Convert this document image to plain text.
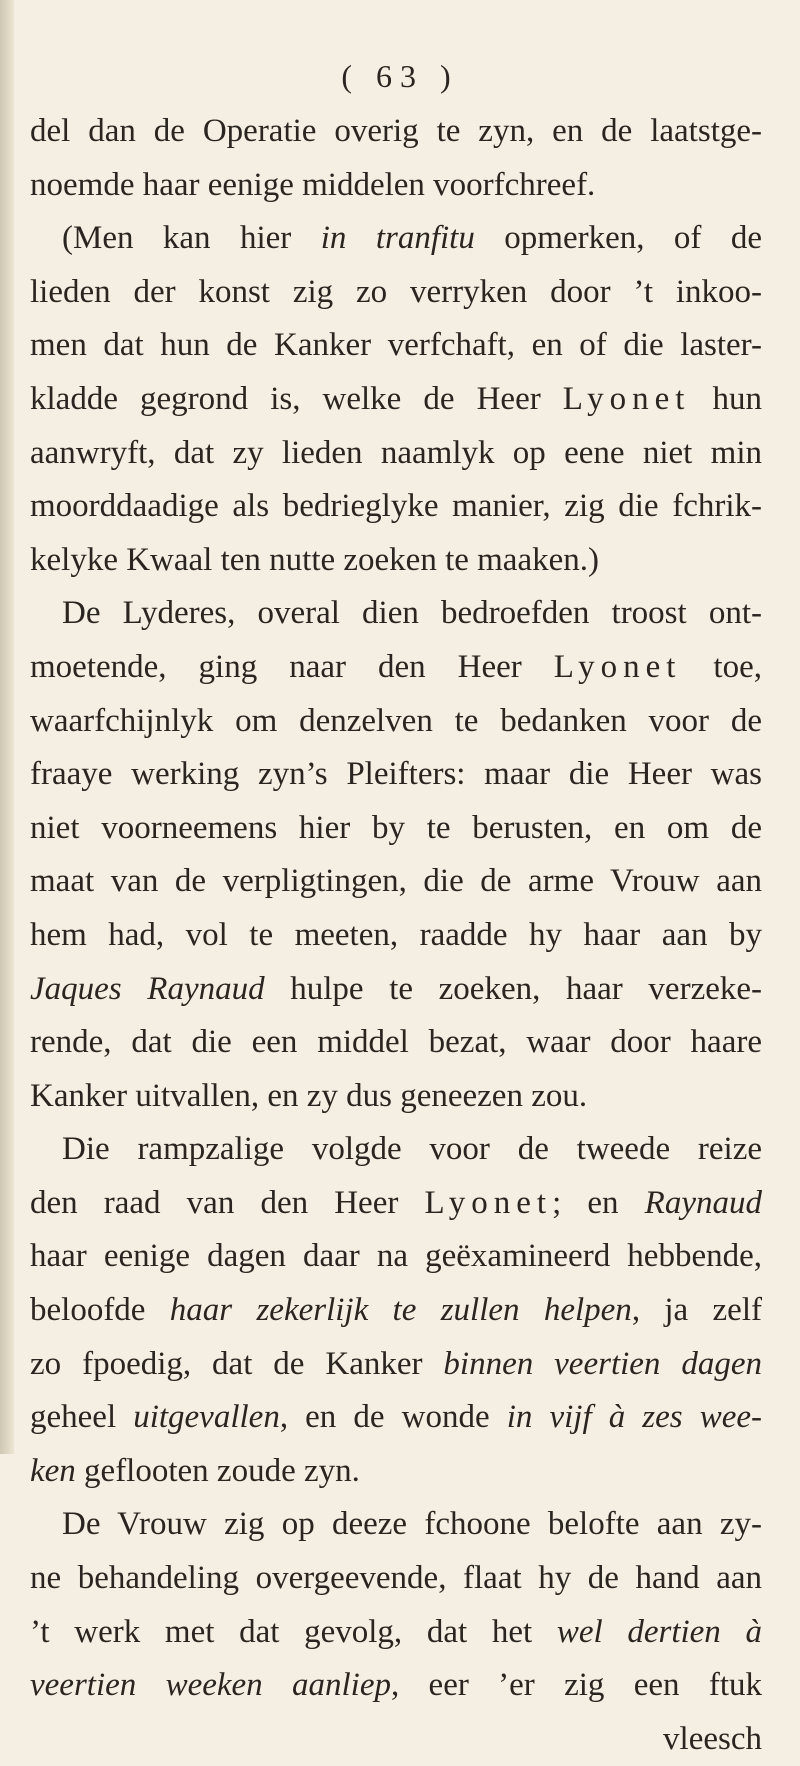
( 63 )
del dan de Operatie overig te zyn, en de laatstge-
noemde haar eenige middelen voorfchreef.
(Men kan hier in tranfitu opmerken, of de
lieden der konst zig zo verryken door ’t inkoo-
men dat hun de Kanker verfchaft, en of die laster-
kladde gegrond is, welke de Heer Lyonet hun
aanwryft, dat zy lieden naamlyk op eene niet min
moorddaadige als bedrieglyke manier, zig die fchrik-
kelyke Kwaal ten nutte zoeken te maaken.)
De Lyderes, overal dien bedroefden troost ont-
moetende, ging naar den Heer Lyonet toe,
waarfchijnlyk om denzelven te bedanken voor de
fraaye werking zyn’s Pleifters: maar die Heer was
niet voorneemens hier by te berusten, en om de
maat van de verpligtingen, die de arme Vrouw aan
hem had, vol te meeten, raadde hy haar aan by
Jaques Raynaud hulpe te zoeken, haar verzeke-
rende, dat die een middel bezat, waar door haare
Kanker uitvallen, en zy dus geneezen zou.
Die rampzalige volgde voor de tweede reize
den raad van den Heer Lyonet; en Raynaud
haar eenige dagen daar na geëxamineerd hebbende,
beloofde haar zekerlijk te zullen helpen, ja zelf
zo fpoedig, dat de Kanker binnen veertien dagen
geheel uitgevallen, en de wonde in vijf à zes wee-
ken geflooten zoude zyn.
De Vrouw zig op deeze fchoone belofte aan zy-
ne behandeling overgeevende, flaat hy de hand aan
’t werk met dat gevolg, dat het wel dertien à
veertien weeken aanliep, eer ’er zig een ftuk
vleesch
